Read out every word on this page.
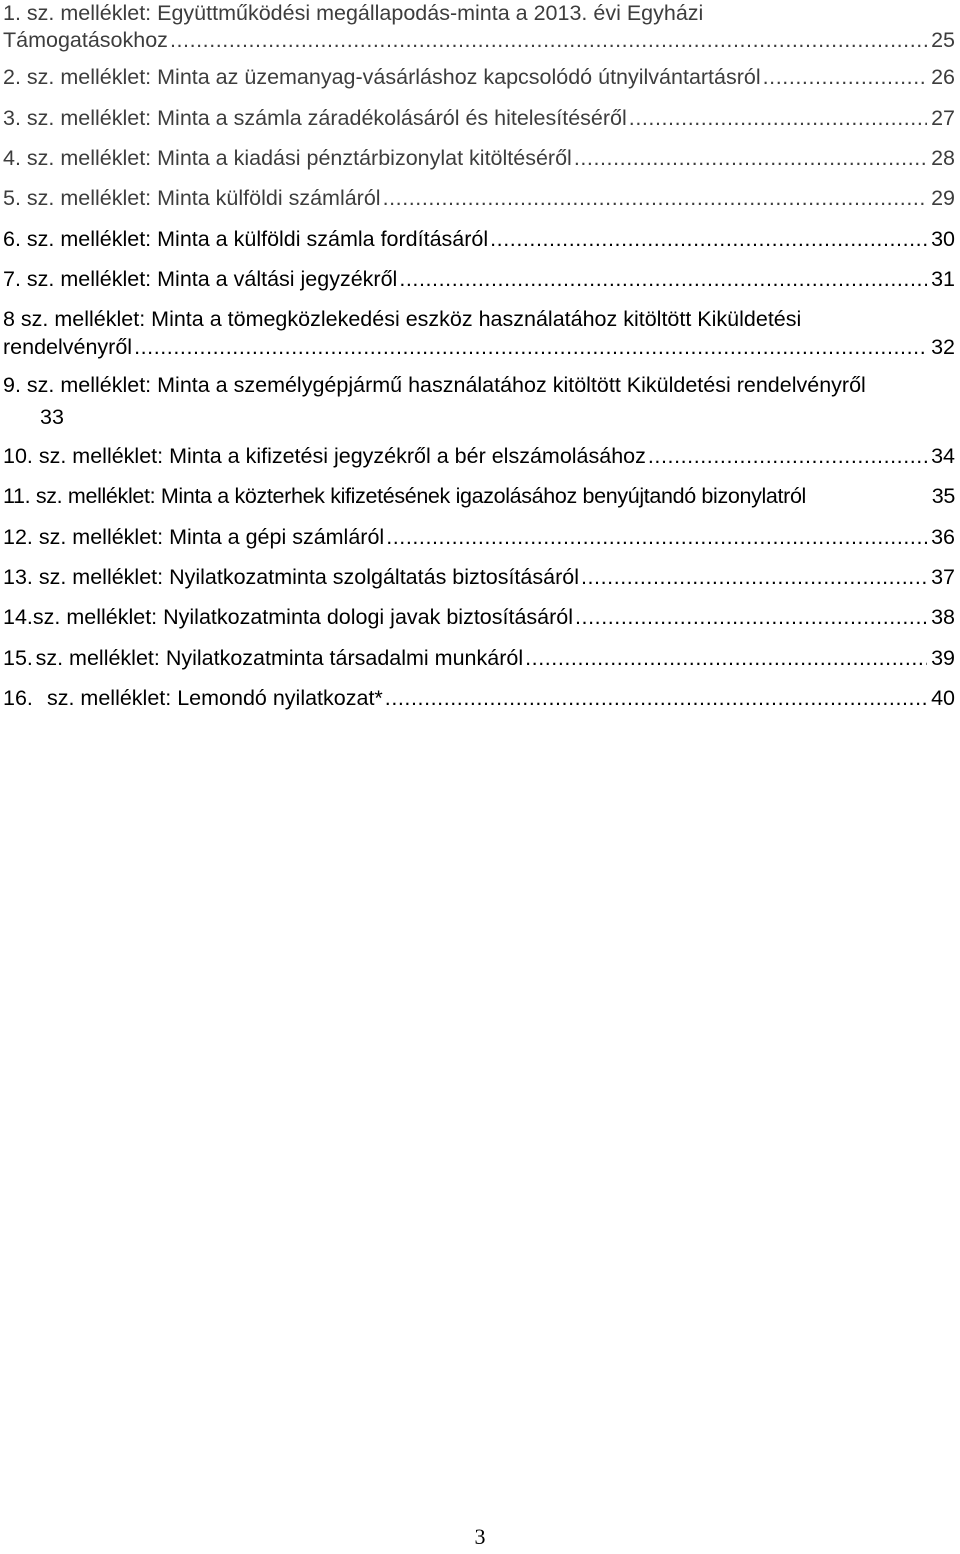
1. sz. melléklet: Együttműködési megállapodás-minta a 2013. évi Egyházi
Támogatásokhoz . . .	25
2. sz. melléklet: Minta az üzemanyag-vásárláshoz kapcsolódó útnyilvántartásról . . .	26
3. sz. melléklet: Minta a számla záradékolásáról és hitelesítéséről . . .	27
4. sz. melléklet: Minta a kiadási pénztárbizonylat kitöltéséről . . .	28
5. sz. melléklet: Minta külföldi számláról . . .	29
6. sz. melléklet: Minta a külföldi számla fordításáról . . .	30
7. sz. melléklet: Minta a váltási jegyzékről . . .	31
8 sz. melléklet: Minta a tömegközlekedési eszköz használatához kitöltött Kiküldetési
rendelvényről . . .	32
9. sz. melléklet: Minta a személygépjármű használatához kitöltött Kiküldetési rendelvényről
33
10. sz. melléklet: Minta a kifizetési jegyzékről a bér elszámolásához . . .	34
11. sz. melléklet: Minta a közterhek kifizetésének igazolásához benyújtandó bizonylatról	35
12. sz. melléklet: Minta a gépi számláról . . .	36
13. sz. melléklet: Nyilatkozatminta szolgáltatás biztosításáról . . .	37
14. sz. melléklet: Nyilatkozatminta dologi javak biztosításáról . . .	38
15. sz. melléklet: Nyilatkozatminta társadalmi munkáról . . .	39
16. sz. melléklet: Lemondó nyilatkozat* . . .	40
3
